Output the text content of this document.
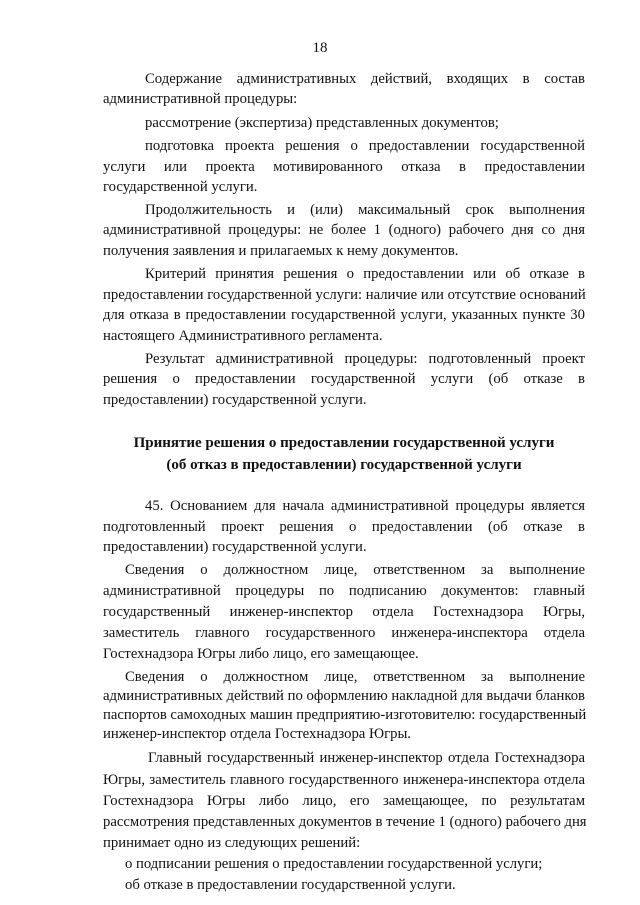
18
Содержание административных действий, входящих в состав
административной процедуры:
рассмотрение (экспертиза) представленных документов;
подготовка проекта решения о предоставлении государственной
услуги или проекта мотивированного отказа в предоставлении
государственной услуги.
Продолжительность и (или) максимальный срок выполнения
административной процедуры: не более 1 (одного) рабочего дня со дня
получения заявления и прилагаемых к нему документов.
Критерий принятия решения о предоставлении или об отказе в
предоставлении государственной услуги: наличие или отсутствие оснований
для отказа в предоставлении государственной услуги, указанных пункте 30
настоящего Административного регламента.
Результат административной процедуры: подготовленный проект
решения о предоставлении государственной услуги (об отказе в
предоставлении) государственной услуги.
Принятие решения о предоставлении государственной услуги
(об отказ в предоставлении) государственной услуги
45. Основанием для начала административной процедуры является
подготовленный проект решения о предоставлении (об отказе в
предоставлении) государственной услуги.
Сведения о должностном лице, ответственном за выполнение
административной процедуры по подписанию документов: главный
государственный инженер-инспектор отдела Гостехнадзора Югры,
заместитель главного государственного инженера-инспектора отдела
Гостехнадзора Югры либо лицо, его замещающее.
Сведения о должностном лице, ответственном за выполнение
административных действий по оформлению накладной для выдачи бланков
паспортов самоходных машин предприятию-изготовителю: государственный
инженер-инспектор отдела Гостехнадзора Югры.
Главный государственный инженер-инспектор отдела Гостехнадзора
Югры, заместитель главного государственного инженера-инспектора отдела
Гостехнадзора Югры либо лицо, его замещающее, по результатам
рассмотрения представленных документов в течение 1 (одного) рабочего дня
принимает одно из следующих решений:
о подписании решения о предоставлении государственной услуги;
об отказе в предоставлении государственной услуги.
